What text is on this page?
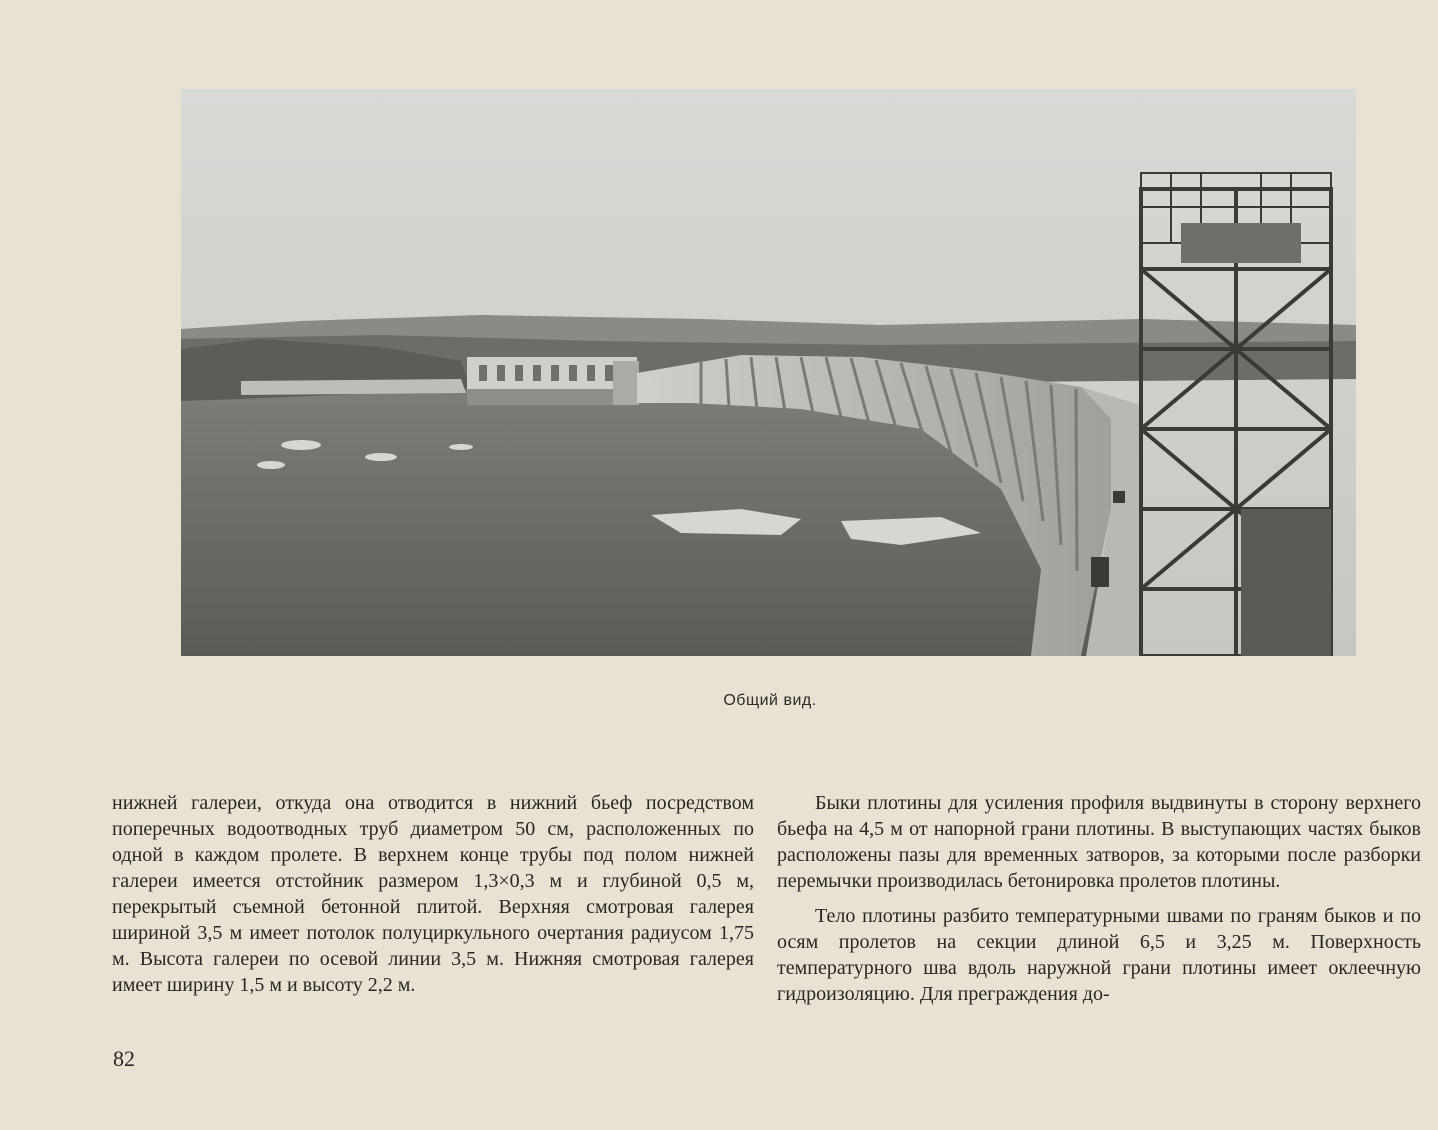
Общий вид.

нижней галереи, откуда она отводится в нижний бьеф посредством поперечных водоотводных труб диаметром 50 см, расположенных по одной в каждом пролете. В верхнем конце трубы под полом нижней галереи имеется отстойник размером 1,3×0,3 м и глубиной 0,5 м, перекрытый съемной бетонной плитой. Верхняя смотровая галерея шириной 3,5 м имеет потолок полуциркульного очертания радиусом 1,75 м. Высота галереи по осевой линии 3,5 м. Нижняя смотровая галерея имеет ширину 1,5 м и высоту 2,2 м.

Быки плотины для усиления профиля выдвинуты в сторону верхнего бьефа на 4,5 м от напорной грани плотины. В выступающих частях быков расположены пазы для временных затворов, за которыми после разборки перемычки производилась бетонировка пролетов плотины.

Тело плотины разбито температурными швами по граням быков и по осям пролетов на секции длиной 6,5 и 3,25 м. Поверхность температурного шва вдоль наружной грани плотины имеет оклеечную гидроизоляцию. Для преграждения до-

82
